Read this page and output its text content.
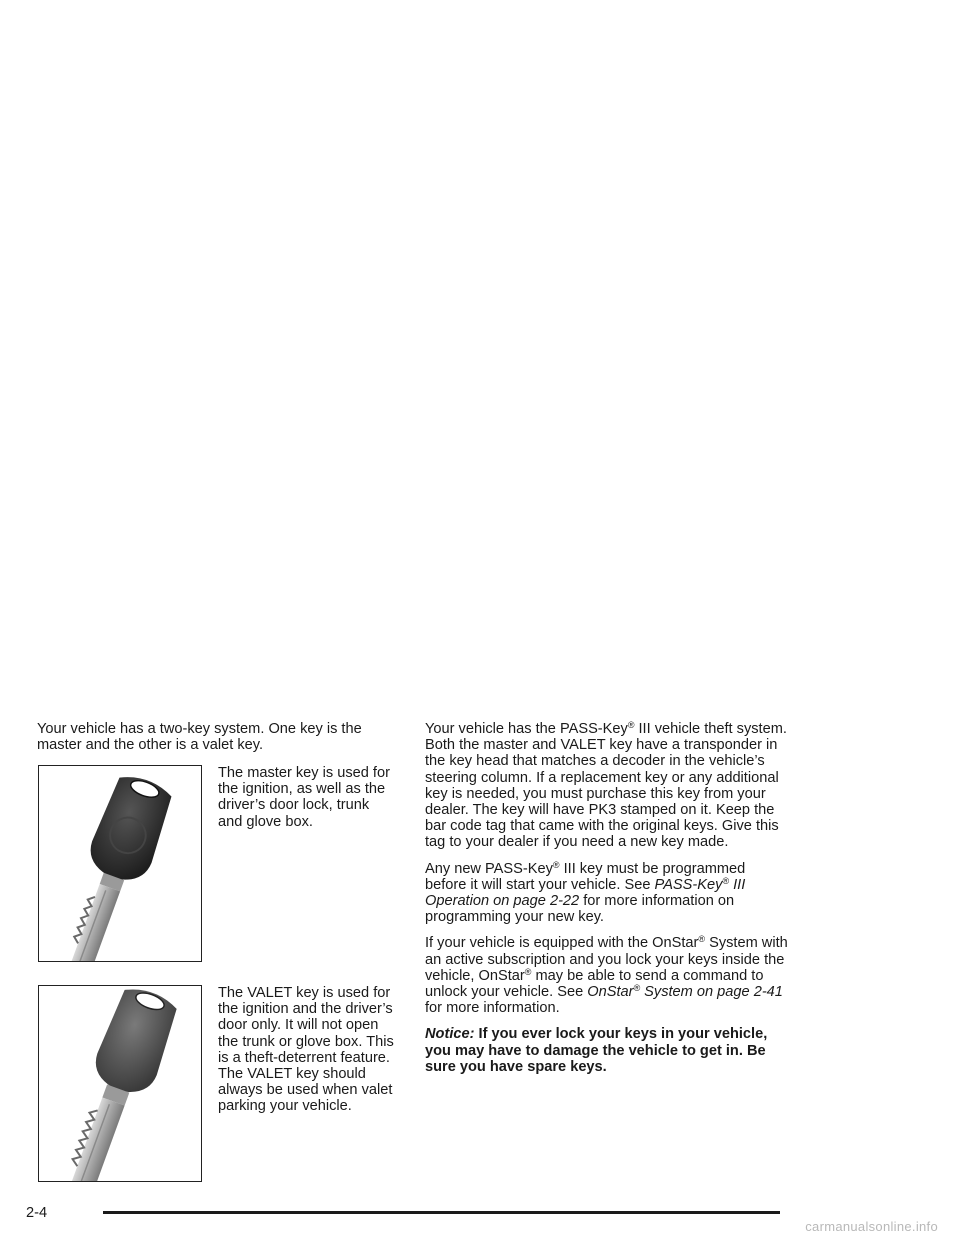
Your vehicle has a two-key system. One key is the master and the other is a valet key.

The master key is used for the ignition, as well as the driver’s door lock, trunk and glove box.

The VALET key is used for the ignition and the driver’s door only. It will not open the trunk or glove box. This is a theft-deterrent feature. The VALET key should always be used when valet parking your vehicle.

Your vehicle has the PASS-Key® III vehicle theft system. Both the master and VALET key have a transponder in the key head that matches a decoder in the vehicle’s steering column. If a replacement key or any additional key is needed, you must purchase this key from your dealer. The key will have PK3 stamped on it. Keep the bar code tag that came with the original keys. Give this tag to your dealer if you need a new key made.

Any new PASS-Key® III key must be programmed before it will start your vehicle. See PASS-Key® III Operation on page 2-22 for more information on programming your new key.

If your vehicle is equipped with the OnStar® System with an active subscription and you lock your keys inside the vehicle, OnStar® may be able to send a command to unlock your vehicle. See OnStar® System on page 2-41 for more information.

Notice: If you ever lock your keys in your vehicle, you may have to damage the vehicle to get in. Be sure you have spare keys.

2-4
carmanualsonline.info
